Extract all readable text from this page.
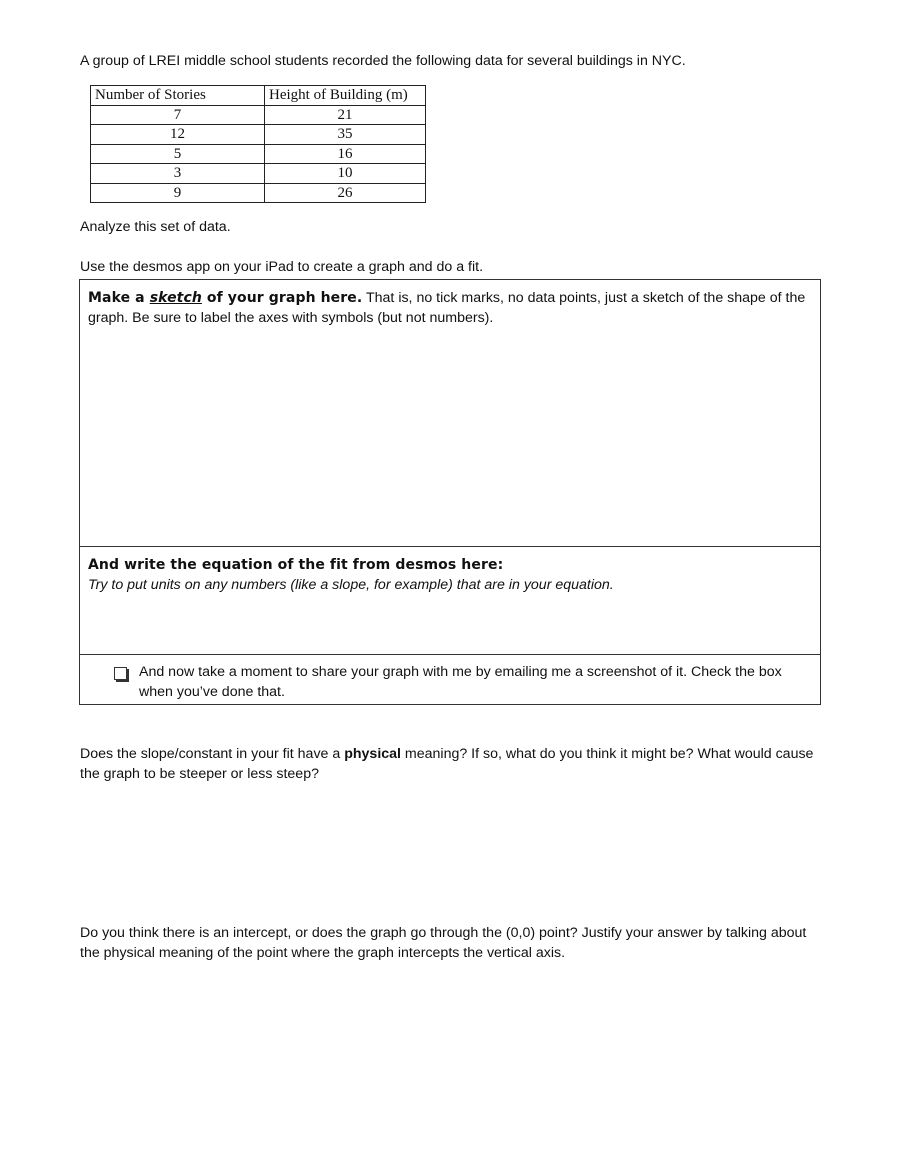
A group of LREI middle school students recorded the following data for several buildings in NYC.

Number of Stories	Height of Building (m)
7	21
12	35
5	16
3	10
9	26

Analyze this set of data.

Use the desmos app on your iPad to create a graph and do a fit.

Make a sketch of your graph here. That is, no tick marks, no data points, just a sketch of the shape of the graph. Be sure to label the axes with symbols (but not numbers).
And write the equation of the fit from desmos here:
Try to put units on any numbers (like a slope, for example) that are in your equation.
And now take a moment to share your graph with me by emailing me a screenshot of it. Check the box when you’ve done that.

Does the slope/constant in your fit have a physical meaning? If so, what do you think it might be? What would cause the graph to be steeper or less steep?

Do you think there is an intercept, or does the graph go through the (0,0) point? Justify your answer by talking about the physical meaning of the point where the graph intercepts the vertical axis.
